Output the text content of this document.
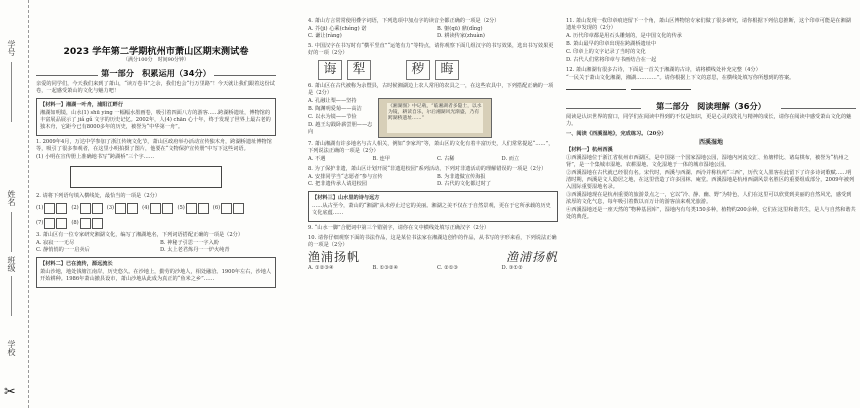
学号
姓名
班级
学校
✂
2023 学年第二学期杭州市萧山区期末测试卷
（满分100分　时间90分钟）
第一部分　积累运用（34分）

亲爱的同学们，今天我们来到了萧山，“读万卷书”之余，我们也会“行万里路”！今天就让我们跟着这份试卷，一起感受萧山的文化与魅力吧！

【材料一】湘湖一叶舟，浦阳江畔行

湘湖如明镜，山水(1) shū ying 一幅幅水墨画卷，吸引着四面八方的游客……跨湖桥遗址，博物馆的丰富展品展示了 jiǎ gǔ 文字的历史记忆。2002年，人(4) chān 心十年，终于发现了世界上最古老的独木舟，它距今已有8000多年的历史，被誉为“中华第一舟”。

1. 2009年4月，万达中学参加了浙江传统文化节，萧山区政府举办活动宣传独木舟，跨湖桥遗址博物馆等，吸引了很多参观者，在这里小明拍摄了图片，他要在“文物保护宣传册”中写下这些词语。

(1) 小明在宣传册上准确地书写“跨湖桥”三个字……

2. 请将下列语句填入横线处，最恰当的一项是（2分）

(1)	(2)	(3)	(4)	(5)	(6)
(7)	(8)

3. 萧山区有一位专家研究湘湖文化，编写了湘湖地名，下列词语搭配正确的一项是（2分）

A. 寂寂一一无尽	B. 神秘子引思一一字入盼
C. 静悄悄的一一启卖后	D. 太上老君炼丹一一炉火纯青

【材料二】已在流传，源远流长

萧山沙地，地处钱塘江南岸，历史悠久。在沙地上，勤劳的沙地人，相处融洽。1900年左右，沙地人开始耕种。1986年萧山撤县设市，萧山沙地从此成为真正的“鱼米之乡”……

4. 萧山方言常常使用叠字词语，下列选项中加点字的读音全都正确的一项是（2分）

A. 芥(ji) 心乘(chéng) 诺	B. 躯(qū) 鼎(dǐng)
C. 谦让(ràng)	D. 耕读传家(zhuàn)

5. 中国汉字在书写时有“横平竖直”“运笔有力”等特点，请你观察下面几组汉字的书写效果，选出书写效果更好的一项（2分）

诲 犁	秽 晦

6. 萧山区在古代被称为余暨县，古时候湘湖边上农人常用的农具之一，在这些农具中，下列搭配正确的一项是（2分）

A. 孔融让梨——坚持

B. 陶渊明爱菊——高洁

C. 以水为镜——节俭

D. 越王勾践卧薪尝胆——志向

《湘湖图》中记载，“临湘湖者多隐士，以水为镜，耕读自乐，尔后湘湖风光渐盛，乃有跨湖桥遗址……”

7. 萧山湘湖有许多地名与古人相关，例如“李家坞”等，萧山区的文化有着丰富历史，人们常常提起“……”，下列说法正确的一项是（2分）

A. 不遇	B. 连甲	C. 古稀	D. 而立

8. 为了保护非遗，萧山区计划开展“非遗进校园”系列活动，下列对非遗活动的理解错误的一项是（2分）

A. 安排同学当“志愿者”参与宣传	B. 为非遗做宣传海报
C. 把非遗传承人请进校园	D. 古代的文化都过时了

【材料三】山水里的诗与远方

……从古至今，萧山的“湘湖”从未停止过它的美丽。湘湖之美不仅在于自然景观，更在于它所承载的历史文化底蕴……

9. “山水一脚”合肥词中第三个错别字，请你在文中横线处填写正确汉字（2分）

10. 请你仔细观察下面的书法作品，这是某位书法家在湘湖边创作的作品，从书写的字形来看，下列说法正确的一项是（2分）

渔浦扬帆	渔浦扬帆
A. ①②③④	B. ①③②④	C. ②①③	D. ③①②

11. 萧山发现一枚印章痕迹留下一个角，萧山区博物馆专家们做了很多研究，请你根据下列信息推断，这个印章可能是在湘湖遗址中发现的（2分）

A. 历代印章都是用石头雕刻的，是中国文化的传承

B. 萧山最早的印章出现在跨湖桥遗址中

C. 印章上的文字记录了当时的文化

D. 古代人们常将印章与书画结合在一起

12. 萧山湘湖有很多古诗，下面是一首关于湘湖的古诗，请将横线处补充完整（4分）

“一民关于萧山文化湘湖，湘湖…………”。请你根据上下文的意思，在横线处填写你所想到的答案。

第二部分　阅读理解（36分）

阅读是认识世界的窗口，同学们在阅读中得到的不仅是知识，更是心灵的洗礼与精神的成长，请你在阅读中感受萧山文化的魅力。

一、阅读《西溪湿地》，完成练习。（20分）

西溪湿地

【材料一】杭州西溪

①西溪湿地位于浙江省杭州市西湖区，是中国第一个国家湿地公园，湿地内河流交汇、鱼塘栉比、诸岛棋布，被誉为“杭州之肾”，是一个集城市湿地、农耕湿地、文化湿地于一体的城市湿地公园。

②西溪湿地在古代就已经很有名。宋代时，西溪与西湖、西泠并称杭州“三西”，历代文人墨客在此留下了许多诗词歌赋……明清时期，西溪是文人隐居之地，在这里营造了许多园林、庵堂。西溪湿地是杭州西湖风景名胜区的重要组成部分，2009年被列入国际重要湿地名录。

③西溪湿地现在是杭州重要的旅游景点之一，它以“冷、静、幽、野”为特色，人们在这里可以欣赏到美丽的自然风光，感受到浓厚的文化气息，每年吸引着数以百万计的游客前来观光旅游。

④西溪湿地还是一座天然的“物种基因库”，湿地内有鸟类150多种，植物约200余种，它们在这里和谐共生，是人与自然和谐共处的典范。
